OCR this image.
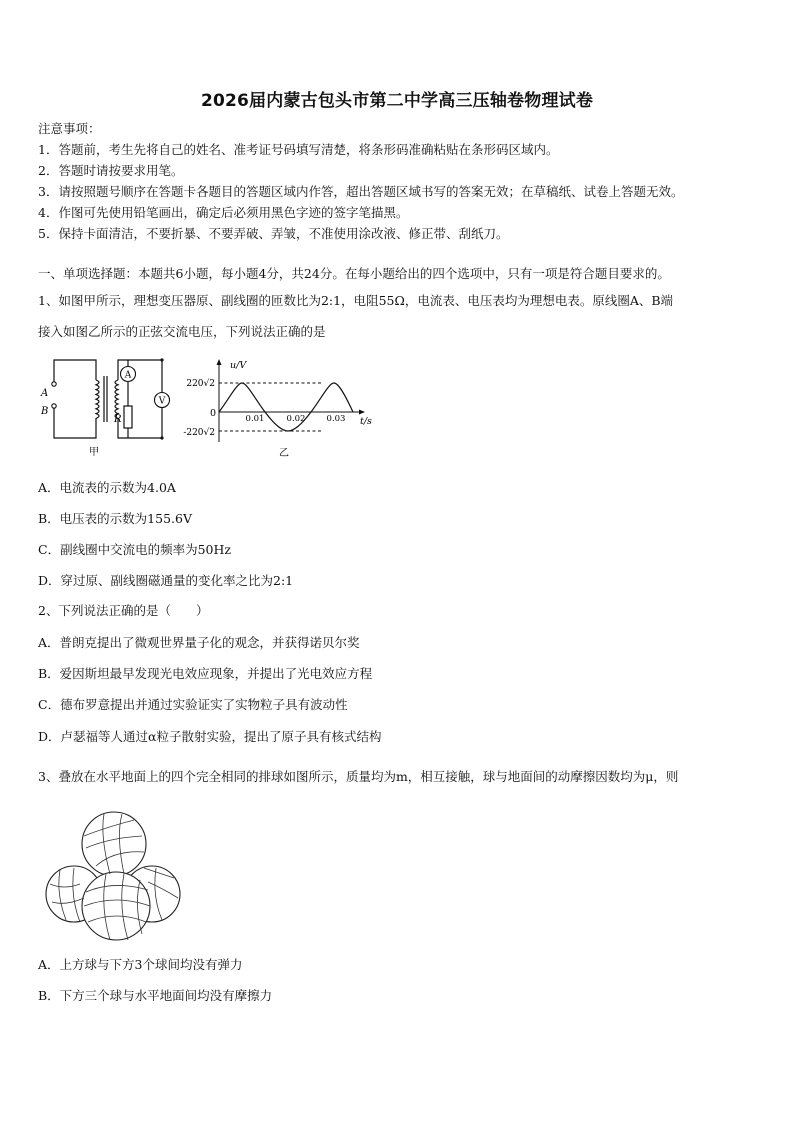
2026届内蒙古包头市第二中学高三压轴卷物理试卷
注意事项：
1．答题前，考生先将自己的姓名、准考证号码填写清楚，将条形码准确粘贴在条形码区域内。
2．答题时请按要求用笔。
3．请按照题号顺序在答题卡各题目的答题区域内作答，超出答题区域书写的答案无效；在草稿纸、试卷上答题无效。
4．作图可先使用铅笔画出，确定后必须用黑色字迹的签字笔描黑。
5．保持卡面清洁，不要折暴、不要弄破、弄皱，不准使用涂改液、修正带、刮纸刀。
一、单项选择题：本题共6小题，每小题4分，共24分。在每小题给出的四个选项中，只有一项是符合题目要求的。
1、如图甲所示，理想变压器原、副线圈的匝数比为2:1，电阻55Ω，电流表、电压表均为理想电表。原线圈A、B端
接入如图乙所示的正弦交流电压，下列说法正确的是
A
B
A
V
R
甲
u/V
t/s
0
220√2
-220√2
0.01	0.02 0.03
乙
A．电流表的示数为4.0A
B．电压表的示数为155.6V
C．副线圈中交流电的频率为50Hz
D．穿过原、副线圈磁通量的变化率之比为2:1
2、下列说法正确的是（　　）
A．普朗克提出了微观世界量子化的观念，并获得诺贝尔奖
B．爱因斯坦最早发现光电效应现象，并提出了光电效应方程
C．德布罗意提出并通过实验证实了实物粒子具有波动性
D．卢瑟福等人通过α粒子散射实验，提出了原子具有核式结构
3、叠放在水平地面上的四个完全相同的排球如图所示，质量均为m，相互接触，球与地面间的动摩擦因数均为μ，则
A．上方球与下方3个球间均没有弹力
B．下方三个球与水平地面间均没有摩擦力
